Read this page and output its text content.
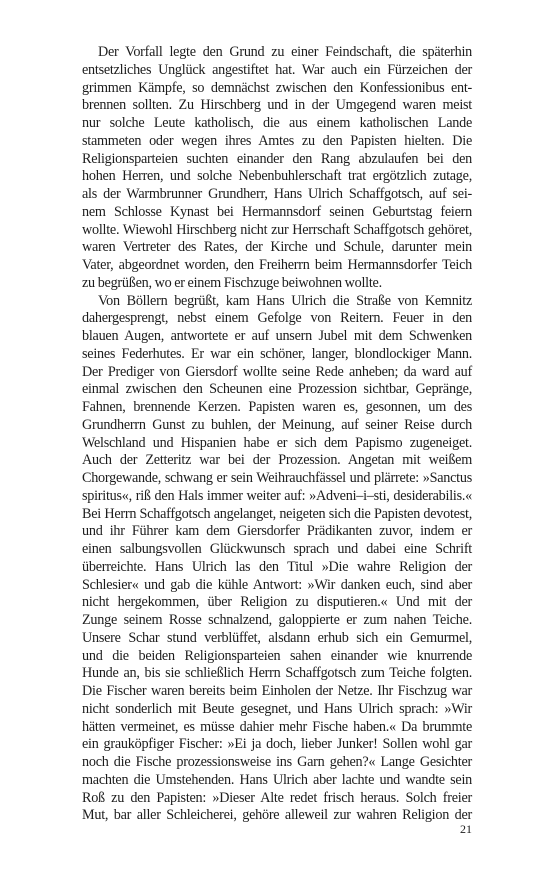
Der Vorfall legte den Grund zu einer Feindschaft, die späterhin
entsetzliches Unglück angestiftet hat. War auch ein Fürzeichen der
grimmen Kämpfe, so demnächst zwischen den Konfessionibus ent-
brennen sollten. Zu Hirschberg und in der Umgegend waren meist
nur solche Leute katholisch, die aus einem katholischen Lande
stammeten oder wegen ihres Amtes zu den Papisten hielten. Die
Religionsparteien suchten einander den Rang abzulaufen bei den
hohen Herren, und solche Nebenbuhlerschaft trat ergötzlich zutage,
als der Warmbrunner Grundherr, Hans Ulrich Schaffgotsch, auf sei-
nem Schlosse Kynast bei Hermannsdorf seinen Geburtstag feiern
wollte. Wiewohl Hirschberg nicht zur Herrschaft Schaffgotsch gehöret,
waren Vertreter des Rates, der Kirche und Schule, darunter mein
Vater, abgeordnet worden, den Freiherrn beim Hermannsdorfer Teich
zu begrüßen, wo er einem Fischzuge beiwohnen wollte.
Von Böllern begrüßt, kam Hans Ulrich die Straße von Kemnitz
dahergesprengt, nebst einem Gefolge von Reitern. Feuer in den
blauen Augen, antwortete er auf unsern Jubel mit dem Schwenken
seines Federhutes. Er war ein schöner, langer, blondlockiger Mann.
Der Prediger von Giersdorf wollte seine Rede anheben; da ward auf
einmal zwischen den Scheunen eine Prozession sichtbar, Gepränge,
Fahnen, brennende Kerzen. Papisten waren es, gesonnen, um des
Grundherrn Gunst zu buhlen, der Meinung, auf seiner Reise durch
Welschland und Hispanien habe er sich dem Papismo zugeneiget.
Auch der Zetteritz war bei der Prozession. Angetan mit weißem
Chorgewande, schwang er sein Weihrauchfässel und plärrete: »Sanctus
spiritus«, riß den Hals immer weiter auf: »Adveni–i–sti, desiderabilis.«
Bei Herrn Schaffgotsch angelanget, neigeten sich die Papisten devotest,
und ihr Führer kam dem Giersdorfer Prädikanten zuvor, indem er
einen salbungsvollen Glückwunsch sprach und dabei eine Schrift
überreichte. Hans Ulrich las den Titul »Die wahre Religion der
Schlesier« und gab die kühle Antwort: »Wir danken euch, sind aber
nicht hergekommen, über Religion zu disputieren.« Und mit der
Zunge seinem Rosse schnalzend, galoppierte er zum nahen Teiche.
Unsere Schar stund verblüffet, alsdann erhub sich ein Gemurmel,
und die beiden Religionsparteien sahen einander wie knurrende
Hunde an, bis sie schließlich Herrn Schaffgotsch zum Teiche folgten.
Die Fischer waren bereits beim Einholen der Netze. Ihr Fischzug war
nicht sonderlich mit Beute gesegnet, und Hans Ulrich sprach: »Wir
hätten vermeinet, es müsse dahier mehr Fische haben.« Da brummte
ein grauköpfiger Fischer: »Ei ja doch, lieber Junker! Sollen wohl gar
noch die Fische prozessionsweise ins Garn gehen?« Lange Gesichter
machten die Umstehenden. Hans Ulrich aber lachte und wandte sein
Roß zu den Papisten: »Dieser Alte redet frisch heraus. Solch freier
Mut, bar aller Schleicherei, gehöre alleweil zur wahren Religion der
21
